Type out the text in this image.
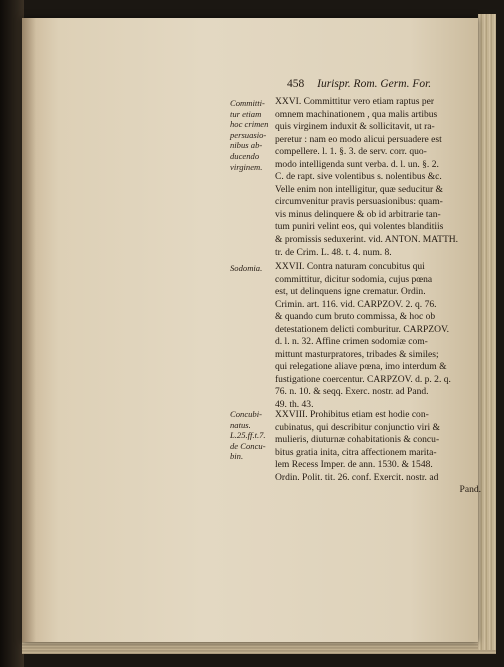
458 Iurispr. Rom. Germ. For.
Committi-
tur etiam
hoc crimen
persuasio-
nibus ab-
ducendo
virginem.
Sodomia.
Concubi-
natus.
L.25.ff.t.7.
de Concu-
bin.
XXVI. Committitur vero etiam raptus per
omnem machinationem , qua malis artibus
quis virginem induxit & sollicitavit, ut ra-
peretur : nam eo modo alicui persuadere est
compellere. l. 1. §. 3. de serv. corr. quo-
modo intelligenda sunt verba. d. l. un. §. 2.
C. de rapt. sive volentibus s. nolentibus &c.
Velle enim non intelligitur, quæ seducitur &
circumvenitur pravis persuasionibus: quam-
vis minus delinquere & ob id arbitrarie tan-
tum puniri velint eos, qui volentes blanditiis
& promissis seduxerint. vid. ANTON. MATTH.
tr. de Crim. L. 48. t. 4. num. 8.
XXVII. Contra naturam concubitus qui
committitur, dicitur sodomia, cujus pœna
est, ut delinquens igne crematur. Ordin.
Crimin. art. 116. vid. CARPZOV. 2. q. 76.
& quando cum bruto commissa, & hoc ob
detestationem delicti comburitur. CARPZOV.
d. l. n. 32. Affine crimen sodomiæ com-
mittunt masturpratores, tribades & similes;
qui relegatione aliave pœna, imo interdum &
fustigatione coercentur. CARPZOV. d. p. 2. q.
76. n. 10. & seqq. Exerc. nostr. ad Pand.
49. th. 43.
XXVIII. Prohibitus etiam est hodie con-
cubinatus, qui describitur conjunctio viri &
mulieris, diuturnæ cohabitationis & concu-
bitus gratia inita, citra affectionem marita-
lem Recess Imper. de ann. 1530. & 1548.
Ordin. Polit. tit. 26. conf. Exercit. nostr. ad
Pand.
